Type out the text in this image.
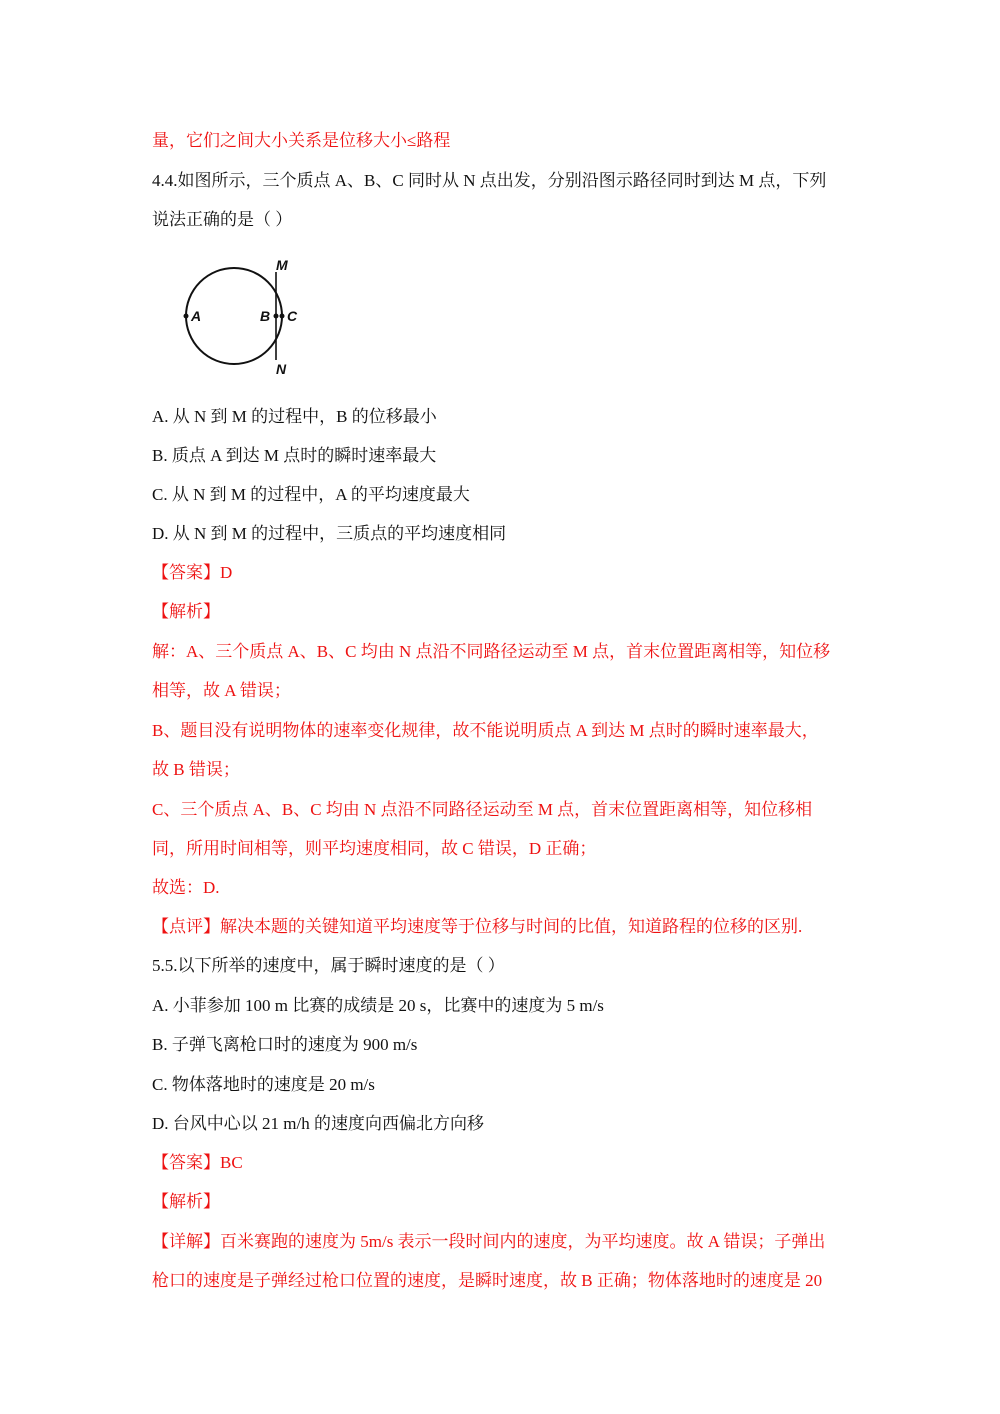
量，它们之间大小关系是位移大小≤路程
4.4.如图所示，三个质点 A、B、C 同时从 N 点出发，分别沿图示路径同时到达 M 点，下列
说法正确的是（ ）
M
N
A	B C
A. 从 N 到 M 的过程中，B 的位移最小
B. 质点 A 到达 M 点时的瞬时速率最大
C. 从 N 到 M 的过程中，A 的平均速度最大
D. 从 N 到 M 的过程中，三质点的平均速度相同
【答案】D
【解析】
解：A、三个质点 A、B、C 均由 N 点沿不同路径运动至 M 点，首末位置距离相等，知位移
相等，故 A 错误；
B、题目没有说明物体的速率变化规律，故不能说明质点 A 到达 M 点时的瞬时速率最大，
故 B 错误；
C、三个质点 A、B、C 均由 N 点沿不同路径运动至 M 点，首末位置距离相等，知位移相
同，所用时间相等，则平均速度相同，故 C 错误，D 正确；
故选：D.
【点评】解决本题的关键知道平均速度等于位移与时间的比值，知道路程的位移的区别.
5.5.以下所举的速度中，属于瞬时速度的是（ ）
A. 小菲参加 100 m 比赛的成绩是 20 s，比赛中的速度为 5 m/s
B. 子弹飞离枪口时的速度为 900 m/s
C. 物体落地时的速度是 20 m/s
D. 台风中心以 21 m/h 的速度向西偏北方向移
【答案】BC
【解析】
【详解】百米赛跑的速度为 5m/s 表示一段时间内的速度，为平均速度。故 A 错误；子弹出
枪口的速度是子弹经过枪口位置的速度，是瞬时速度，故 B 正确；物体落地时的速度是 20
